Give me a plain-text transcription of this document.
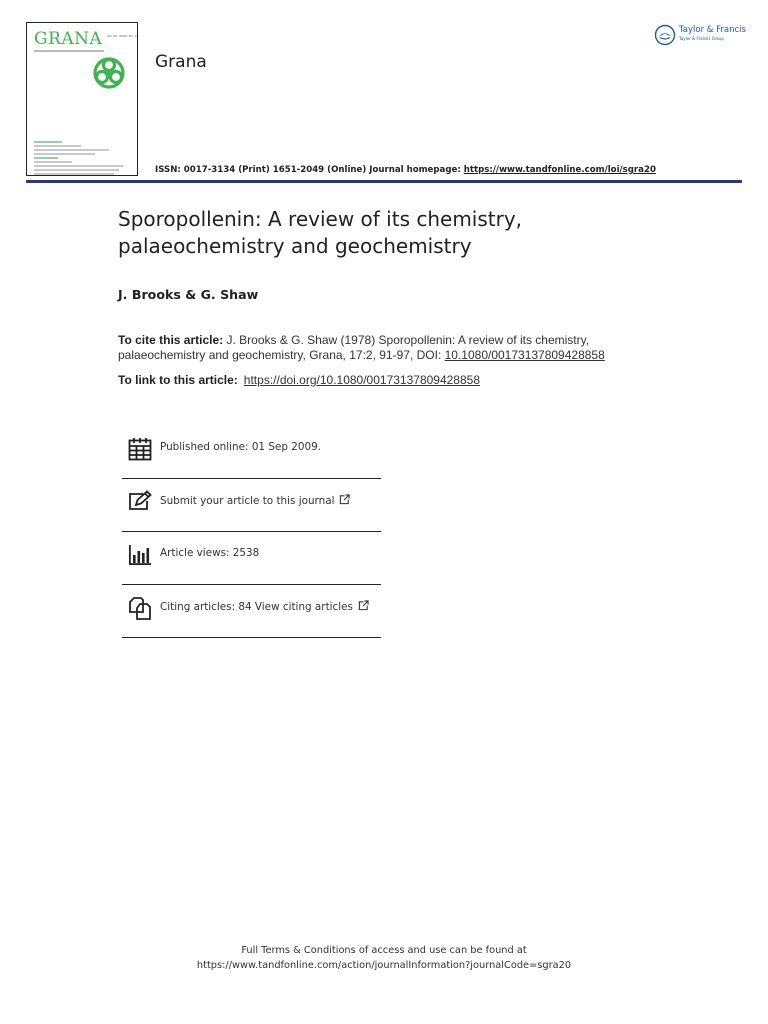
GRANA Vol. 00, 2009, No. 0
Grana
Taylor & Francis
Taylor & Francis Group
ISSN: 0017-3134 (Print) 1651-2049 (Online) Journal homepage: https://www.tandfonline.com/loi/sgra20
Sporopollenin: A review of its chemistry,
palaeochemistry and geochemistry
J. Brooks & G. Shaw
To cite this article: J. Brooks & G. Shaw (1978) Sporopollenin: A review of its chemistry, palaeochemistry and geochemistry, Grana, 17:2, 91-97, DOI: 10.1080/00173137809428858
To link to this article: https://doi.org/10.1080/00173137809428858
Published online: 01 Sep 2009.
Submit your article to this journal
Article views: 2538
Citing articles: 84 View citing articles
Full Terms & Conditions of access and use can be found at
https://www.tandfonline.com/action/journalInformation?journalCode=sgra20
